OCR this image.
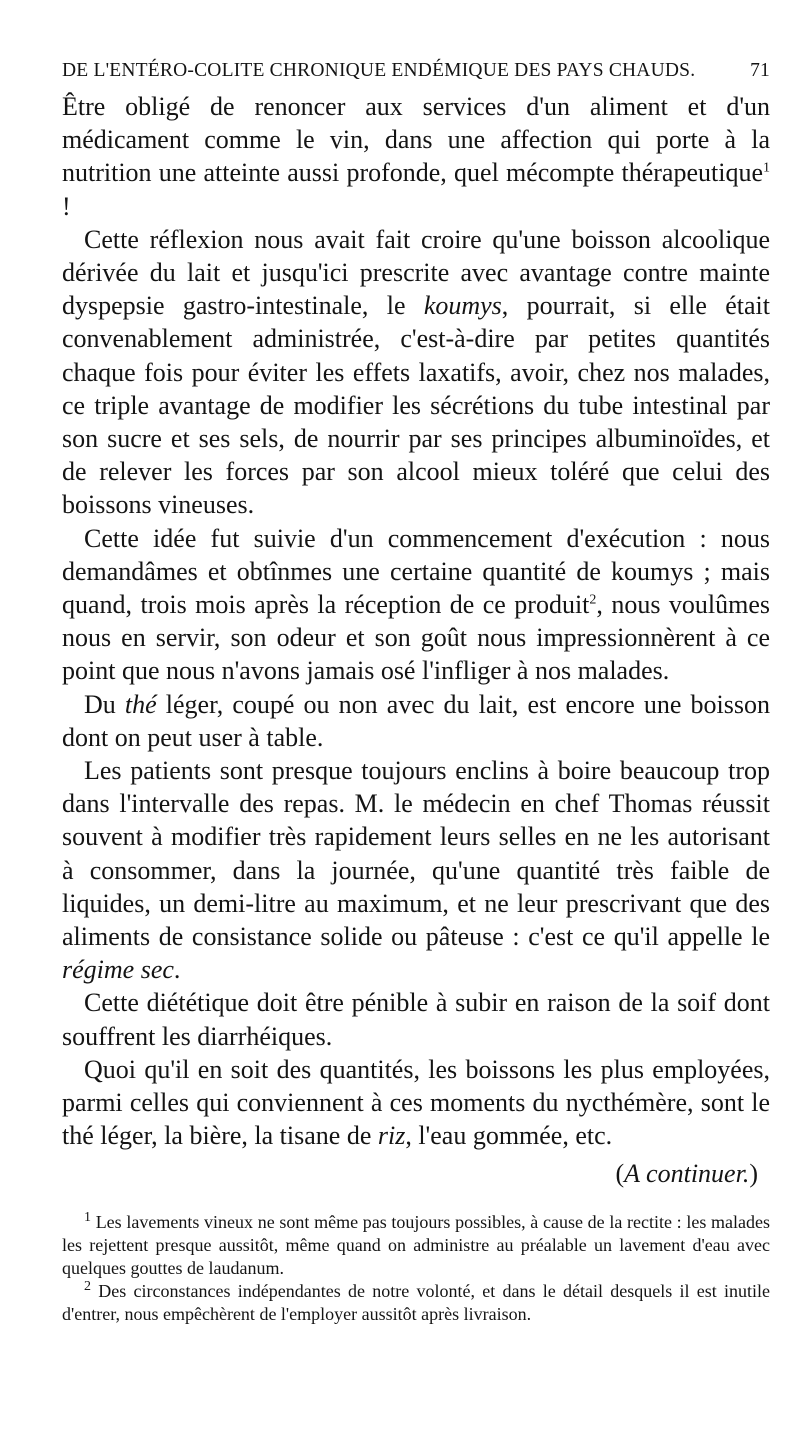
DE L'ENTÉRO-COLITE CHRONIQUE ENDÉMIQUE DES PAYS CHAUDS.	71

Être obligé de renoncer aux services d'un aliment et d'un médicament comme le vin, dans une affection qui porte à la nutrition une atteinte aussi profonde, quel mécompte thérapeutique$^1$ !

Cette réflexion nous avait fait croire qu'une boisson alcoolique dérivée du lait et jusqu'ici prescrite avec avantage contre mainte dyspepsie gastro-intestinale, le koumys, pourrait, si elle était convenablement administrée, c'est-à-dire par petites quantités chaque fois pour éviter les effets laxatifs, avoir, chez nos malades, ce triple avantage de modifier les sécrétions du tube intestinal par son sucre et ses sels, de nourrir par ses principes albuminoïdes, et de relever les forces par son alcool mieux toléré que celui des boissons vineuses.

Cette idée fut suivie d'un commencement d'exécution : nous demandâmes et obtînmes une certaine quantité de koumys ; mais quand, trois mois après la réception de ce produit$^2$, nous voulûmes nous en servir, son odeur et son goût nous impressionnèrent à ce point que nous n'avons jamais osé l'infliger à nos malades.

Du thé léger, coupé ou non avec du lait, est encore une boisson dont on peut user à table.

Les patients sont presque toujours enclins à boire beaucoup trop dans l'intervalle des repas. M. le médecin en chef Thomas réussit souvent à modifier très rapidement leurs selles en ne les autorisant à consommer, dans la journée, qu'une quantité très faible de liquides, un demi-litre au maximum, et ne leur prescrivant que des aliments de consistance solide ou pâteuse : c'est ce qu'il appelle le régime sec.

Cette diététique doit être pénible à subir en raison de la soif dont souffrent les diarrhéiques.

Quoi qu'il en soit des quantités, les boissons les plus employées, parmi celles qui conviennent à ces moments du nycthémère, sont le thé léger, la bière, la tisane de riz, l'eau gommée, etc.

(A continuer.)

$^1$ Les lavements vineux ne sont même pas toujours possibles, à cause de la rectite : les malades les rejettent presque aussitôt, même quand on administre au préalable un lavement d'eau avec quelques gouttes de laudanum.

$^2$ Des circonstances indépendantes de notre volonté, et dans le détail desquels il est inutile d'entrer, nous empêchèrent de l'employer aussitôt après livraison.
